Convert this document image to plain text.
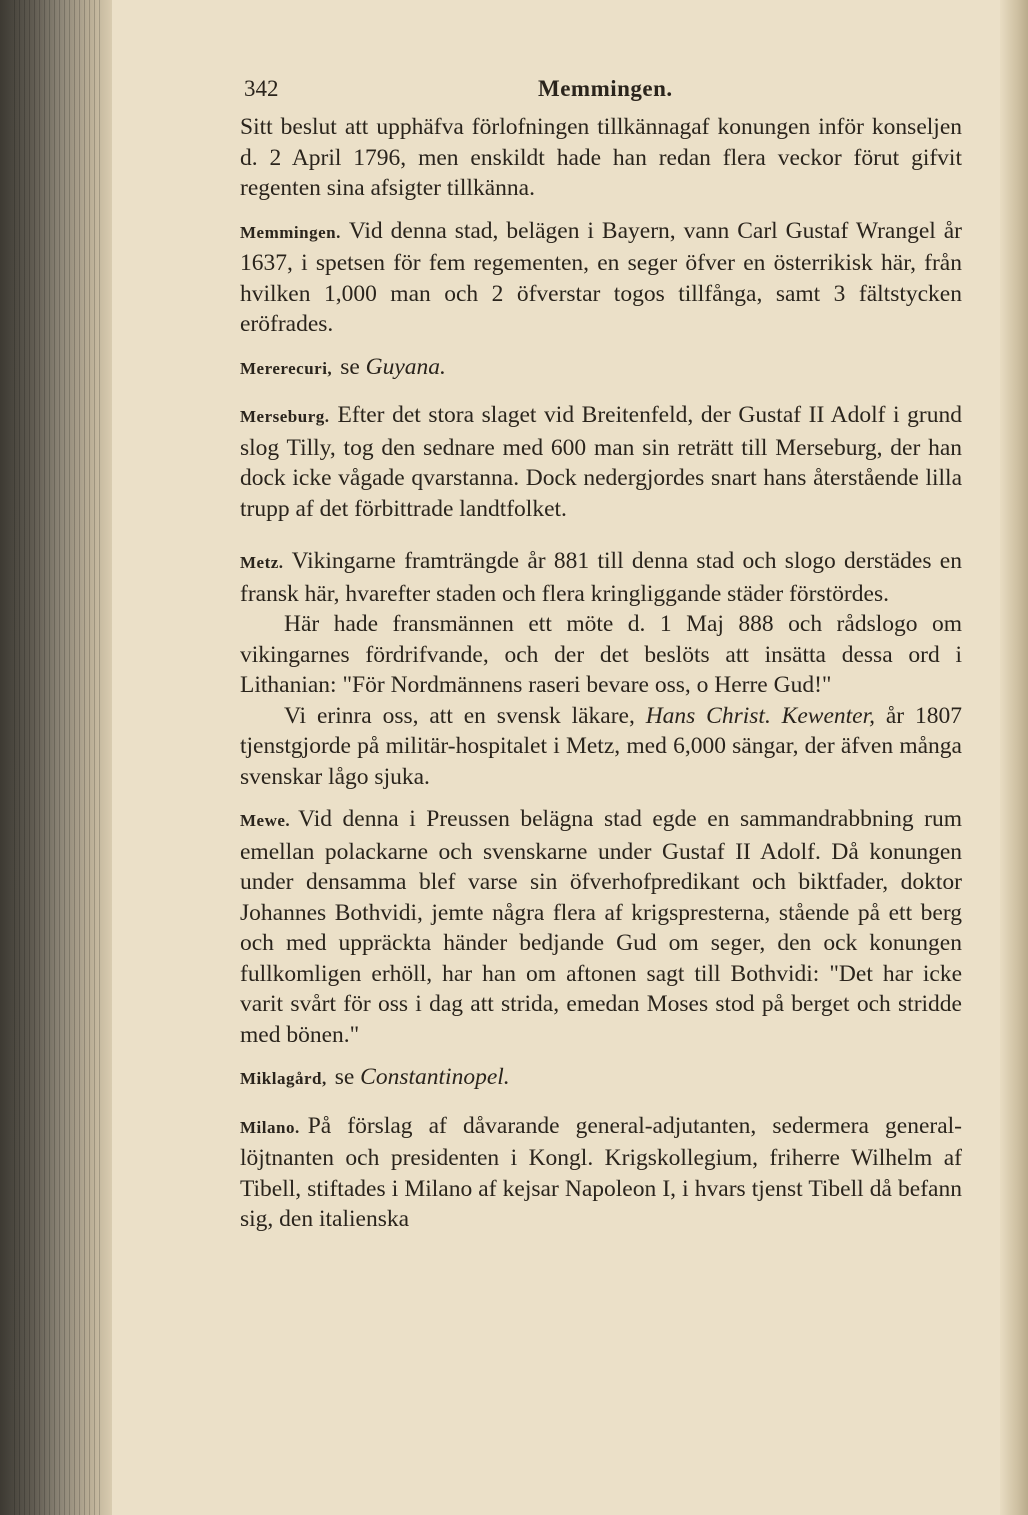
342	Memmingen.

Sitt beslut att upphäfva förlofningen tillkännagaf konungen inför konseljen d. 2 April 1796, men enskildt hade han redan flera veckor förut gifvit regenten sina afsigter tillkänna.

Memmingen. Vid denna stad, belägen i Bayern, vann Carl Gustaf Wrangel år 1637, i spetsen för fem regementen, en seger öfver en österrikisk här, från hvilken 1,000 man och 2 öfverstar togos tillfånga, samt 3 fältstycken eröfrades.

Mererecuri, se Guyana.

Merseburg. Efter det stora slaget vid Breitenfeld, der Gustaf II Adolf i grund slog Tilly, tog den sednare med 600 man sin reträtt till Merseburg, der han dock icke vågade qvarstanna. Dock nedergjordes snart hans återstående lilla trupp af det förbittrade landtfolket.

Metz. Vikingarne framträngde år 881 till denna stad och slogo derstädes en fransk här, hvarefter staden och flera kringliggande städer förstördes.

Här hade fransmännen ett möte d. 1 Maj 888 och rådslogo om vikingarnes fördrifvande, och der det beslöts att insätta dessa ord i Lithanian: "För Nordmännens raseri bevare oss, o Herre Gud!"

Vi erinra oss, att en svensk läkare, Hans Christ. Kewenter, år 1807 tjenstgjorde på militär-hospitalet i Metz, med 6,000 sängar, der äfven många svenskar lågo sjuka.

Mewe. Vid denna i Preussen belägna stad egde en sammandrabbning rum emellan polackarne och svenskarne under Gustaf II Adolf. Då konungen under densamma blef varse sin öfverhofpredikant och biktfader, doktor Johannes Bothvidi, jemte några flera af krigspresterna, stående på ett berg och med uppräckta händer bedjande Gud om seger, den ock konungen fullkomligen erhöll, har han om aftonen sagt till Bothvidi: "Det har icke varit svårt för oss i dag att strida, emedan Moses stod på berget och stridde med bönen."

Miklagård, se Constantinopel.

Milano. På förslag af dåvarande general-adjutanten, sedermera general-löjtnanten och presidenten i Kongl. Krigskollegium, friherre Wilhelm af Tibell, stiftades i Milano af kejsar Napoleon I, i hvars tjenst Tibell då befann sig, den italienska
